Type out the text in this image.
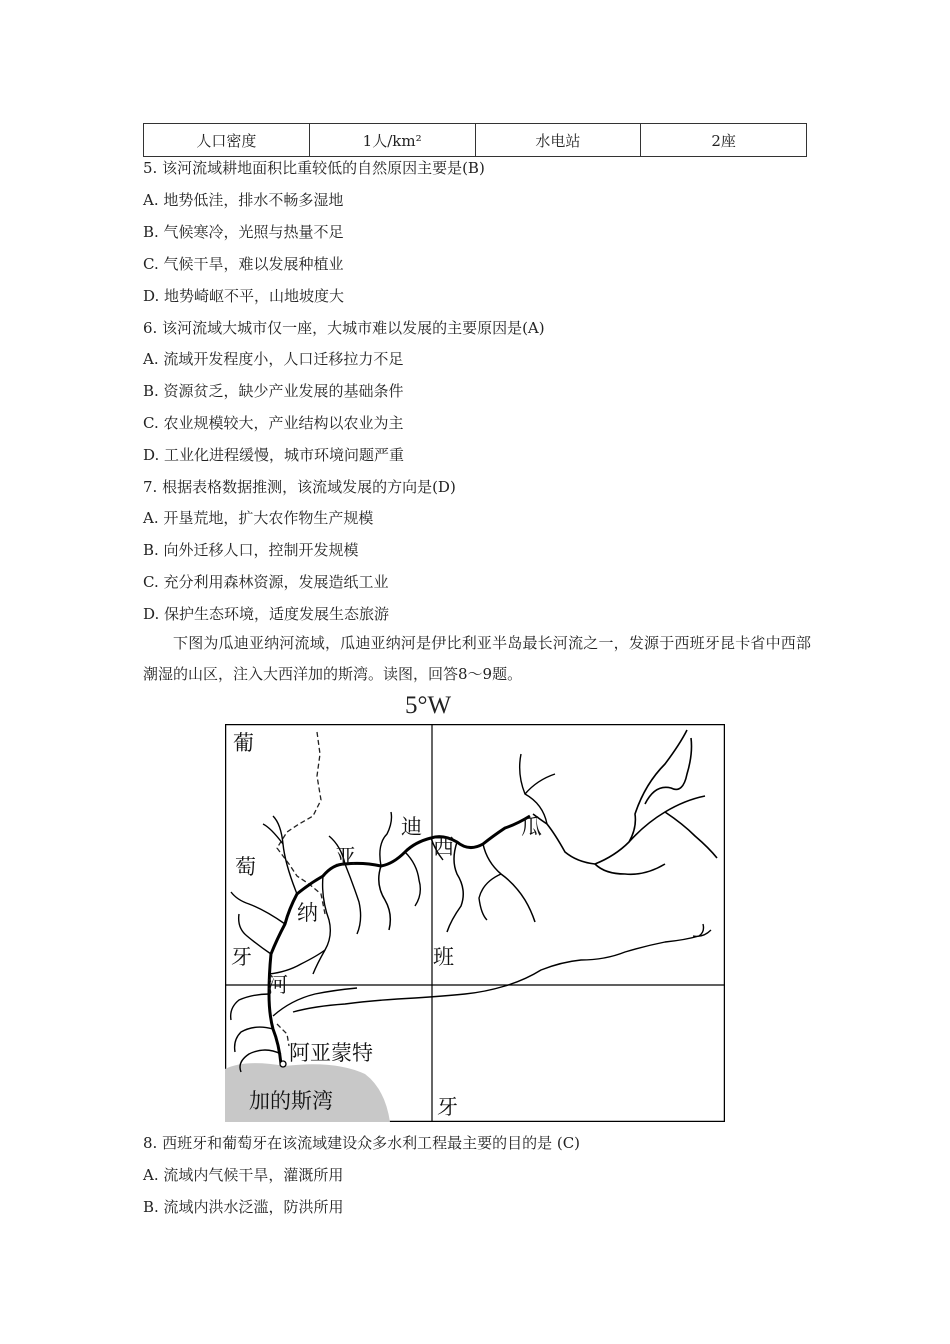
人口密度	1人/km²	水电站	2座
5. 该河流域耕地面积比重较低的自然原因主要是(B)
A. 地势低洼，排水不畅多湿地
B. 气候寒冷，光照与热量不足
C. 气候干旱，难以发展种植业
D. 地势崎岖不平，山地坡度大
6. 该河流域大城市仅一座，大城市难以发展的主要原因是(A)
A. 流域开发程度小，人口迁移拉力不足
B. 资源贫乏，缺少产业发展的基础条件
C. 农业规模较大，产业结构以农业为主
D. 工业化进程缓慢，城市环境问题严重
7. 根据表格数据推测，该流域发展的方向是(D)
A. 开垦荒地，扩大农作物生产规模
B. 向外迁移人口，控制开发规模
C. 充分利用森林资源，发展造纸工业
D. 保护生态环境，适度发展生态旅游
下图为瓜迪亚纳河流域，瓜迪亚纳河是伊比利亚半岛最长河流之一，发源于西班牙昆卡省中西部潮湿的山区，注入大西洋加的斯湾。读图，回答8～9题。
5°W
葡
萄
牙
瓜
迪
西
亚
纳
河
班
牙
阿亚蒙特
加的斯湾
8. 西班牙和葡萄牙在该流域建设众多水利工程最主要的目的是 (C)
A. 流域内气候干旱，灌溉所用
B. 流域内洪水泛滥，防洪所用
